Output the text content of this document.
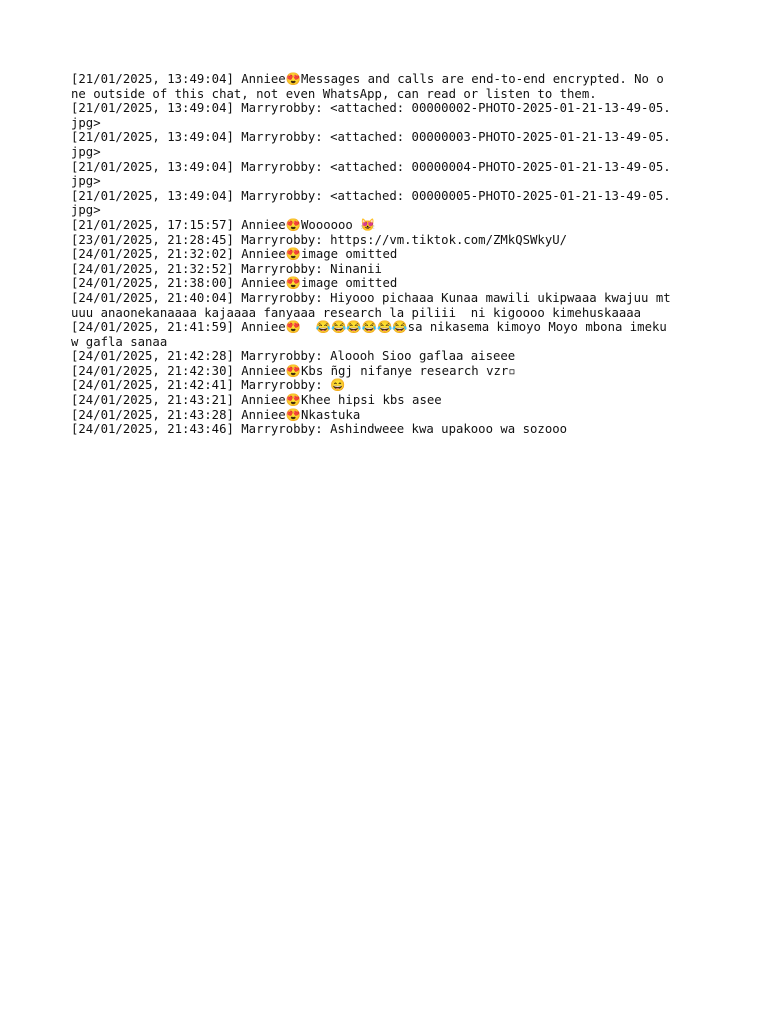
[21/01/2025, 13:49:04] Anniee😍Messages and calls are end-to-end encrypted. No one outside of this chat, not even WhatsApp, can read or listen to them.

[21/01/2025, 13:49:04] Marryrobby: <attached: 00000002-PHOTO-2025-01-21-13-49-05.jpg>

[21/01/2025, 13:49:04] Marryrobby: <attached: 00000003-PHOTO-2025-01-21-13-49-05.jpg>

[21/01/2025, 13:49:04] Marryrobby: <attached: 00000004-PHOTO-2025-01-21-13-49-05.jpg>

[21/01/2025, 13:49:04] Marryrobby: <attached: 00000005-PHOTO-2025-01-21-13-49-05.jpg>

[21/01/2025, 17:15:57] Anniee😍Woooooo 😻

[23/01/2025, 21:28:45] Marryrobby: https://vm.tiktok.com/ZMkQSWkyU/

[24/01/2025, 21:32:02] Anniee😍image omitted

[24/01/2025, 21:32:52] Marryrobby: Ninanii

[24/01/2025, 21:38:00] Anniee😍image omitted

[24/01/2025, 21:40:04] Marryrobby: Hiyooo pichaaa Kunaa mawili ukipwaaa kwajuu mtuuu anaonekanaaaa kajaaaa fanyaaa research la piliii  ni kigoooo kimehuskaaaa

[24/01/2025, 21:41:59] Anniee😍  😂😂😂😂😂😂sa nikasema kimoyo Moyo mbona imekuw gafla sanaa

[24/01/2025, 21:42:28] Marryrobby: Aloooh Sioo gaflaa aiseee

[24/01/2025, 21:42:30] Anniee😍Kbs ñgj nifanye research vzr▫

[24/01/2025, 21:42:41] Marryrobby: 😄

[24/01/2025, 21:43:21] Anniee😍Khee hipsi kbs asee

[24/01/2025, 21:43:28] Anniee😍Nkastuka

[24/01/2025, 21:43:46] Marryrobby: Ashindweee kwa upakooo wa sozooo
